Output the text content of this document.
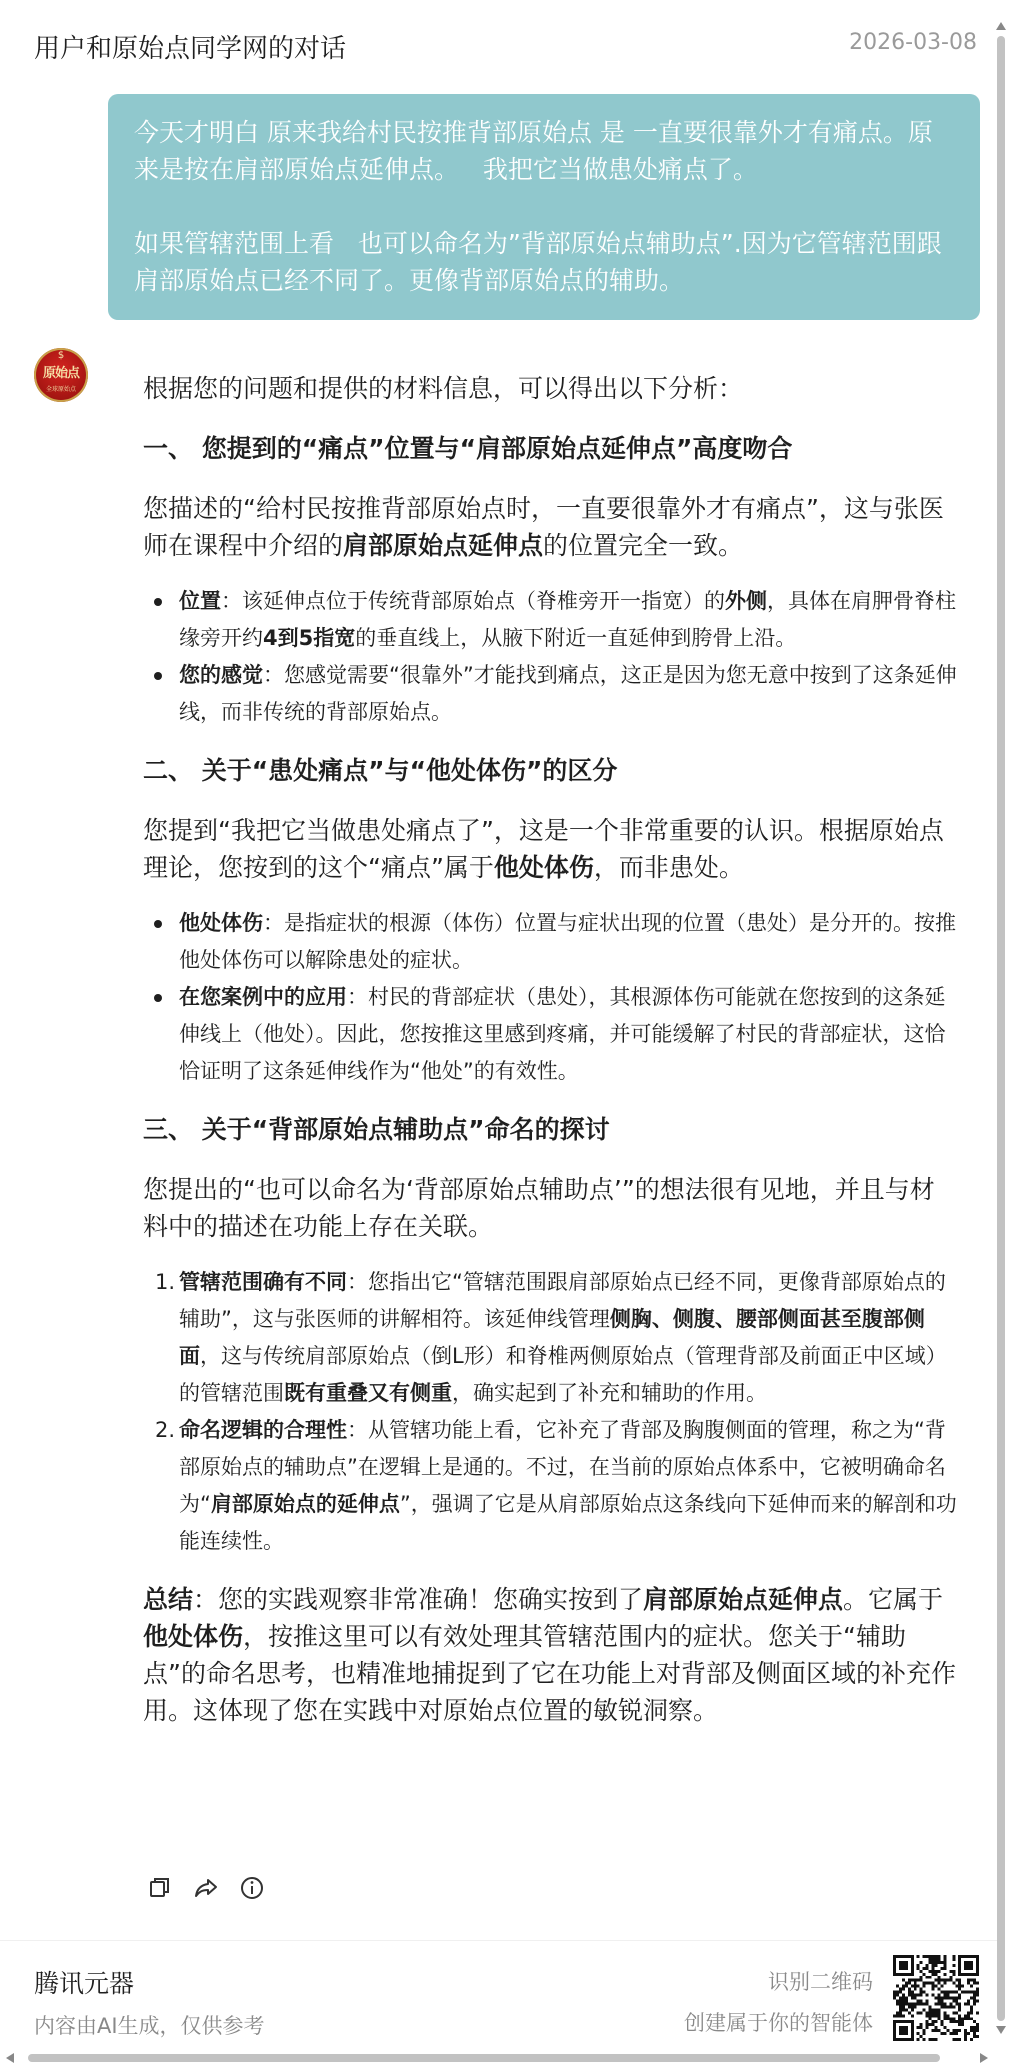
用户和原始点同学网的对话	2026-03-08

今天才明白 原来我给村民按推背部原始点 是 一直要很靠外才有痛点。原来是按在肩部原始点延伸点。   我把它当做患处痛点了。

如果管辖范围上看   也可以命名为”背部原始点辅助点”.因为它管辖范围跟肩部原始点已经不同了。更像背部原始点的辅助。

$
原始点
全球原始点	根据您的问题和提供的材料信息，可以得出以下分析：

一、 您提到的“痛点”位置与“肩部原始点延伸点”高度吻合

您描述的“给村民按推背部原始点时，一直要很靠外才有痛点”，这与张医师在课程中介绍的肩部原始点延伸点的位置完全一致。

位置：该延伸点位于传统背部原始点（脊椎旁开一指宽）的外侧，具体在肩胛骨脊柱缘旁开约4到5指宽的垂直线上，从腋下附近一直延伸到胯骨上沿。
您的感觉：您感觉需要“很靠外”才能找到痛点，这正是因为您无意中按到了这条延伸线，而非传统的背部原始点。

二、 关于“患处痛点”与“他处体伤”的区分

您提到“我把它当做患处痛点了”，这是一个非常重要的认识。根据原始点理论，您按到的这个“痛点”属于他处体伤，而非患处。

他处体伤：是指症状的根源（体伤）位置与症状出现的位置（患处）是分开的。按推他处体伤可以解除患处的症状。
在您案例中的应用：村民的背部症状（患处），其根源体伤可能就在您按到的这条延伸线上（他处）。因此，您按推这里感到疼痛，并可能缓解了村民的背部症状，这恰恰证明了这条延伸线作为“他处”的有效性。

三、 关于“背部原始点辅助点”命名的探讨

您提出的“也可以命名为‘背部原始点辅助点’”的想法很有见地，并且与材料中的描述在功能上存在关联。

1. 管辖范围确有不同：您指出它“管辖范围跟肩部原始点已经不同，更像背部原始点的辅助”，这与张医师的讲解相符。该延伸线管理侧胸、侧腹、腰部侧面甚至腹部侧面，这与传统肩部原始点（倒L形）和脊椎两侧原始点（管理背部及前面正中区域）的管辖范围既有重叠又有侧重，确实起到了补充和辅助的作用。
2. 命名逻辑的合理性：从管辖功能上看，它补充了背部及胸腹侧面的管理，称之为“背部原始点的辅助点”在逻辑上是通的。不过，在当前的原始点体系中，它被明确命名为“肩部原始点的延伸点”，强调了它是从肩部原始点这条线向下延伸而来的解剖和功能连续性。

总结：您的实践观察非常准确！您确实按到了肩部原始点延伸点。它属于他处体伤，按推这里可以有效处理其管辖范围内的症状。您关于“辅助点”的命名思考，也精准地捕捉到了它在功能上对背部及侧面区域的补充作用。这体现了您在实践中对原始点位置的敏锐洞察。

腾讯元器
内容由AI生成，仅供参考
识别二维码
创建属于你的智能体
